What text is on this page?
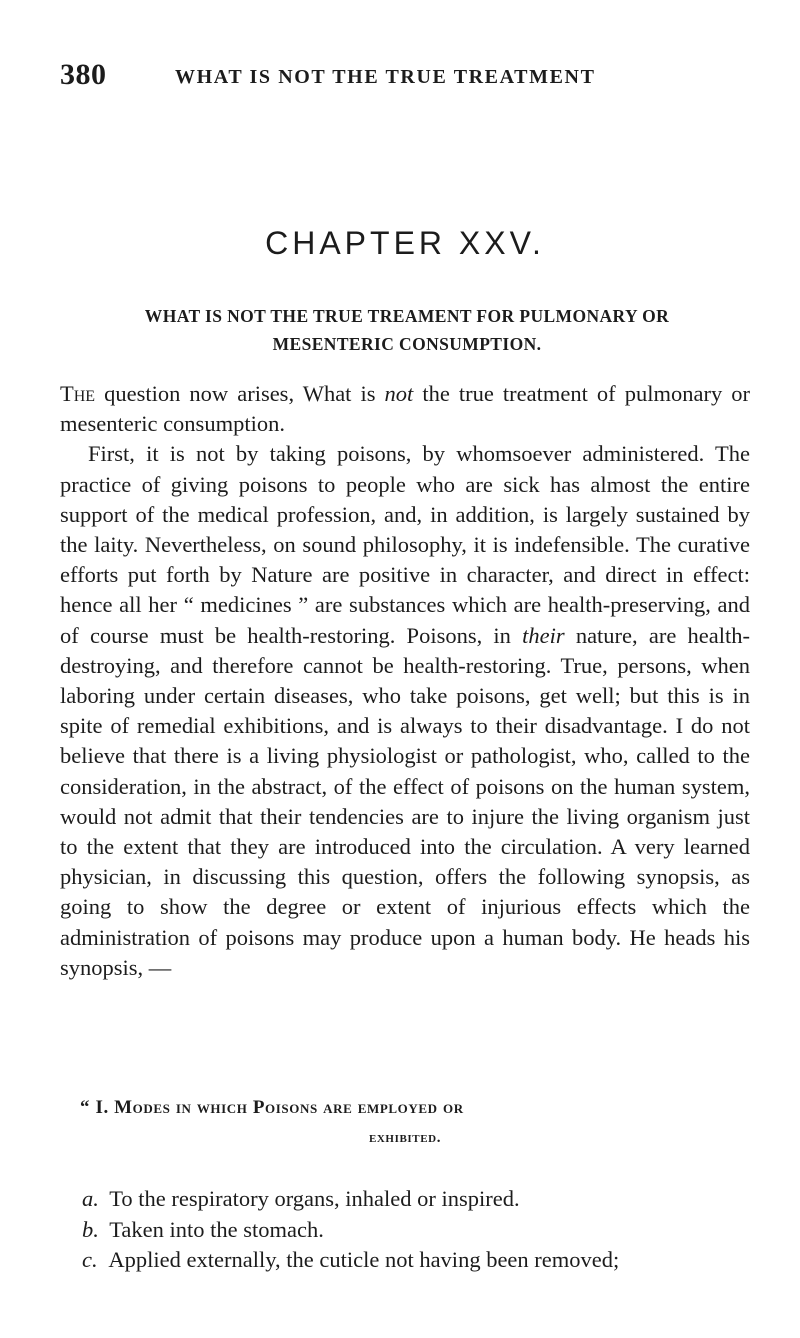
380	WHAT IS NOT THE TRUE TREATMENT
CHAPTER XXV.
WHAT IS NOT THE TRUE TREAMENT FOR PULMONARY OR MESENTERIC CONSUMPTION.

The question now arises, What is not the true treatment of pulmonary or mesenteric consumption.

First, it is not by taking poisons, by whomsoever administered. The practice of giving poisons to people who are sick has almost the entire support of the medical profession, and, in addition, is largely sustained by the laity. Nevertheless, on sound philosophy, it is indefensible. The curative efforts put forth by Nature are positive in character, and direct in effect: hence all her “ medicines ” are substances which are health-preserving, and of course must be health-restoring. Poisons, in their nature, are health-destroying, and therefore cannot be health-restoring. True, persons, when laboring under certain diseases, who take poisons, get well; but this is in spite of remedial exhibitions, and is always to their disadvantage. I do not believe that there is a living physiologist or pathologist, who, called to the consideration, in the abstract, of the effect of poisons on the human system, would not admit that their tendencies are to injure the living organism just to the extent that they are introduced into the circulation. A very learned physician, in discussing this question, offers the following synopsis, as going to show the degree or extent of injurious effects which the administration of poisons may produce upon a human body. He heads his synopsis, —

“ I. Modes in which Poisons are employed or
exhibited.
a. To the respiratory organs, inhaled or inspired.
b. Taken into the stomach.
c. Applied externally, the cuticle not having been removed;
